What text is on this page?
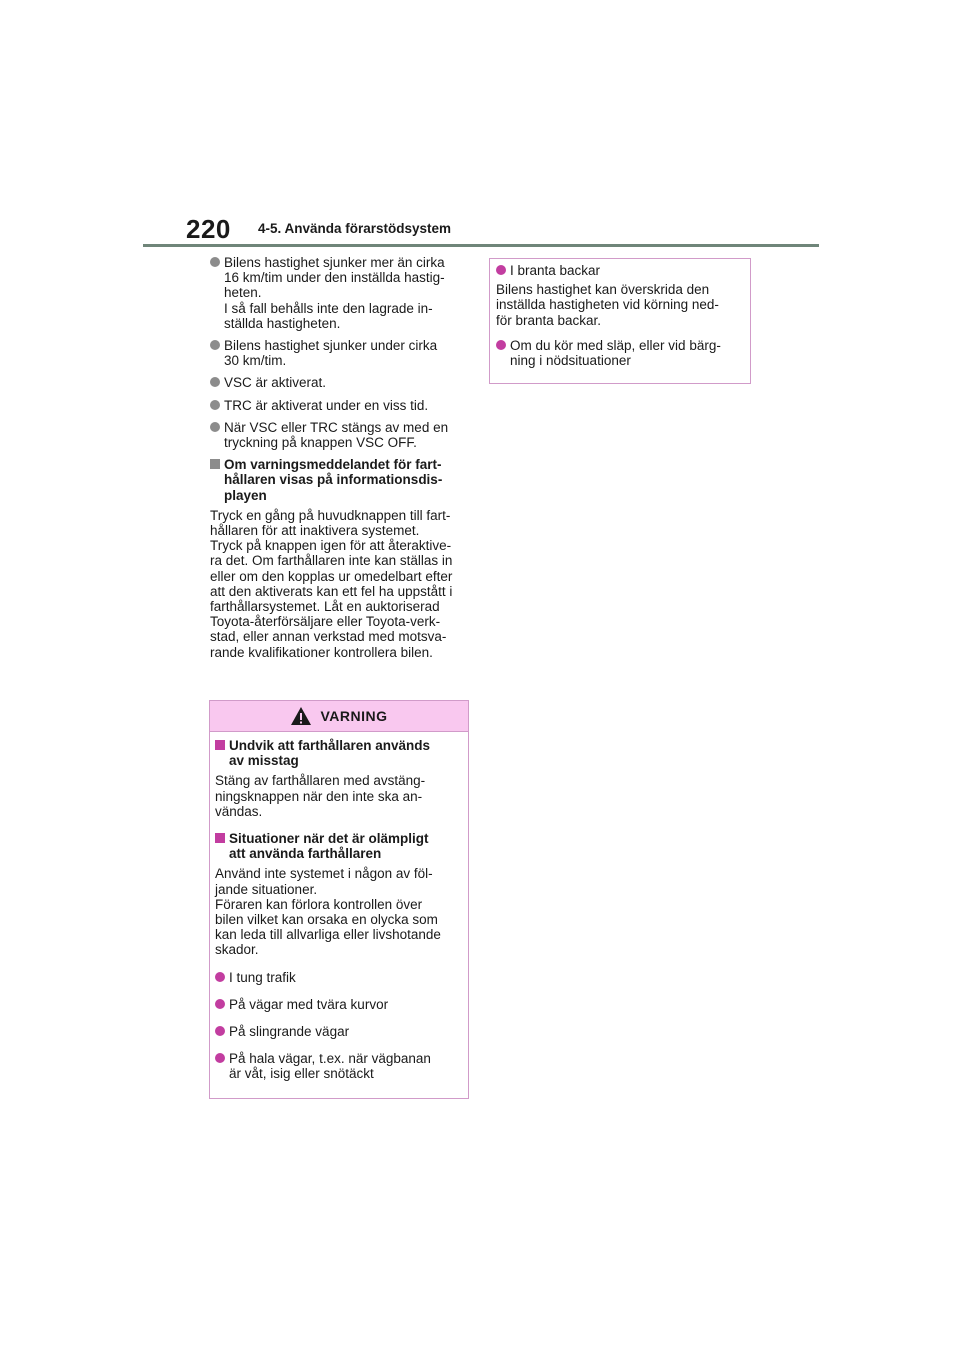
220 4-5. Använda förarstödsystem
Bilens hastighet sjunker mer än cirka
16 km/tim under den inställda hastig-
heten.
I så fall behålls inte den lagrade in-
ställda hastigheten.
Bilens hastighet sjunker under cirka
30 km/tim.
VSC är aktiverat.
TRC är aktiverat under en viss tid.
När VSC eller TRC stängs av med en
tryckning på knappen VSC OFF.
Om varningsmeddelandet för fart-
hållaren visas på informationsdis-
playen
Tryck en gång på huvudknappen till fart-
hållaren för att inaktivera systemet.
Tryck på knappen igen för att återaktive-
ra det. Om farthållaren inte kan ställas in
eller om den kopplas ur omedelbart efter
att den aktiverats kan ett fel ha uppstått i
farthållarsystemet. Låt en auktoriserad
Toyota-återförsäljare eller Toyota-verk-
stad, eller annan verkstad med motsva-
rande kvalifikationer kontrollera bilen.
VARNING
Undvik att farthållaren används
av misstag
Stäng av farthållaren med avstäng-
ningsknappen när den inte ska an-
vändas.
Situationer när det är olämpligt
att använda farthållaren
Använd inte systemet i någon av föl-
jande situationer.
Föraren kan förlora kontrollen över
bilen vilket kan orsaka en olycka som
kan leda till allvarliga eller livshotande
skador.
I tung trafik
På vägar med tvära kurvor
På slingrande vägar
På hala vägar, t.ex. när vägbanan
är våt, isig eller snötäckt
I branta backar
Bilens hastighet kan överskrida den
inställda hastigheten vid körning ned-
för branta backar.
Om du kör med släp, eller vid bärg-
ning i nödsituationer
